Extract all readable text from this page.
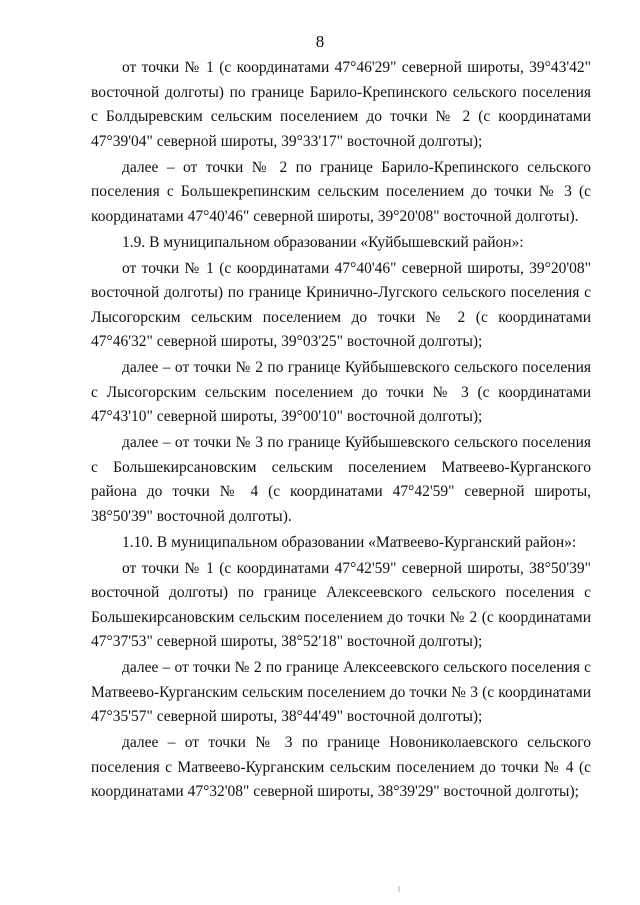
8

от точки № 1 (с координатами 47°46'29" северной широты, 39°43'42" восточной долготы) по границе Барило-Крепинского сельского поселения с Болдыревским сельским поселением до точки № 2 (с координатами 47°39'04" северной широты, 39°33'17" восточной долготы);

далее – от точки № 2 по границе Барило-Крепинского сельского поселения с Большекрепинским сельским поселением до точки № 3 (с координатами 47°40'46" северной широты, 39°20'08" восточной долготы).

1.9. В муниципальном образовании «Куйбышевский район»:

от точки № 1 (с координатами 47°40'46" северной широты, 39°20'08" восточной долготы) по границе Кринично-Лугского сельского поселения с Лысогорским сельским поселением до точки № 2 (с координатами 47°46'32" северной широты, 39°03'25" восточной долготы);

далее – от точки № 2 по границе Куйбышевского сельского поселения с Лысогорским сельским поселением до точки № 3 (с координатами 47°43'10" северной широты, 39°00'10" восточной долготы);

далее – от точки № 3 по границе Куйбышевского сельского поселения с Большекирсановским сельским поселением Матвеево-Курганского района до точки № 4 (с координатами 47°42'59" северной широты, 38°50'39" восточной долготы).

1.10. В муниципальном образовании «Матвеево-Курганский район»:

от точки № 1 (с координатами 47°42'59" северной широты, 38°50'39" восточной долготы) по границе Алексеевского сельского поселения с Большекирсановским сельским поселением до точки № 2 (с координатами 47°37'53" северной широты, 38°52'18" восточной долготы);

далее – от точки № 2 по границе Алексеевского сельского поселения с Матвеево-Курганским сельским поселением до точки № 3 (с координатами 47°35'57" северной широты, 38°44'49" восточной долготы);

далее – от точки № 3 по границе Новониколаевского сельского поселения с Матвеево-Курганским сельским поселением до точки № 4 (с координатами 47°32'08" северной широты, 38°39'29" восточной долготы);
